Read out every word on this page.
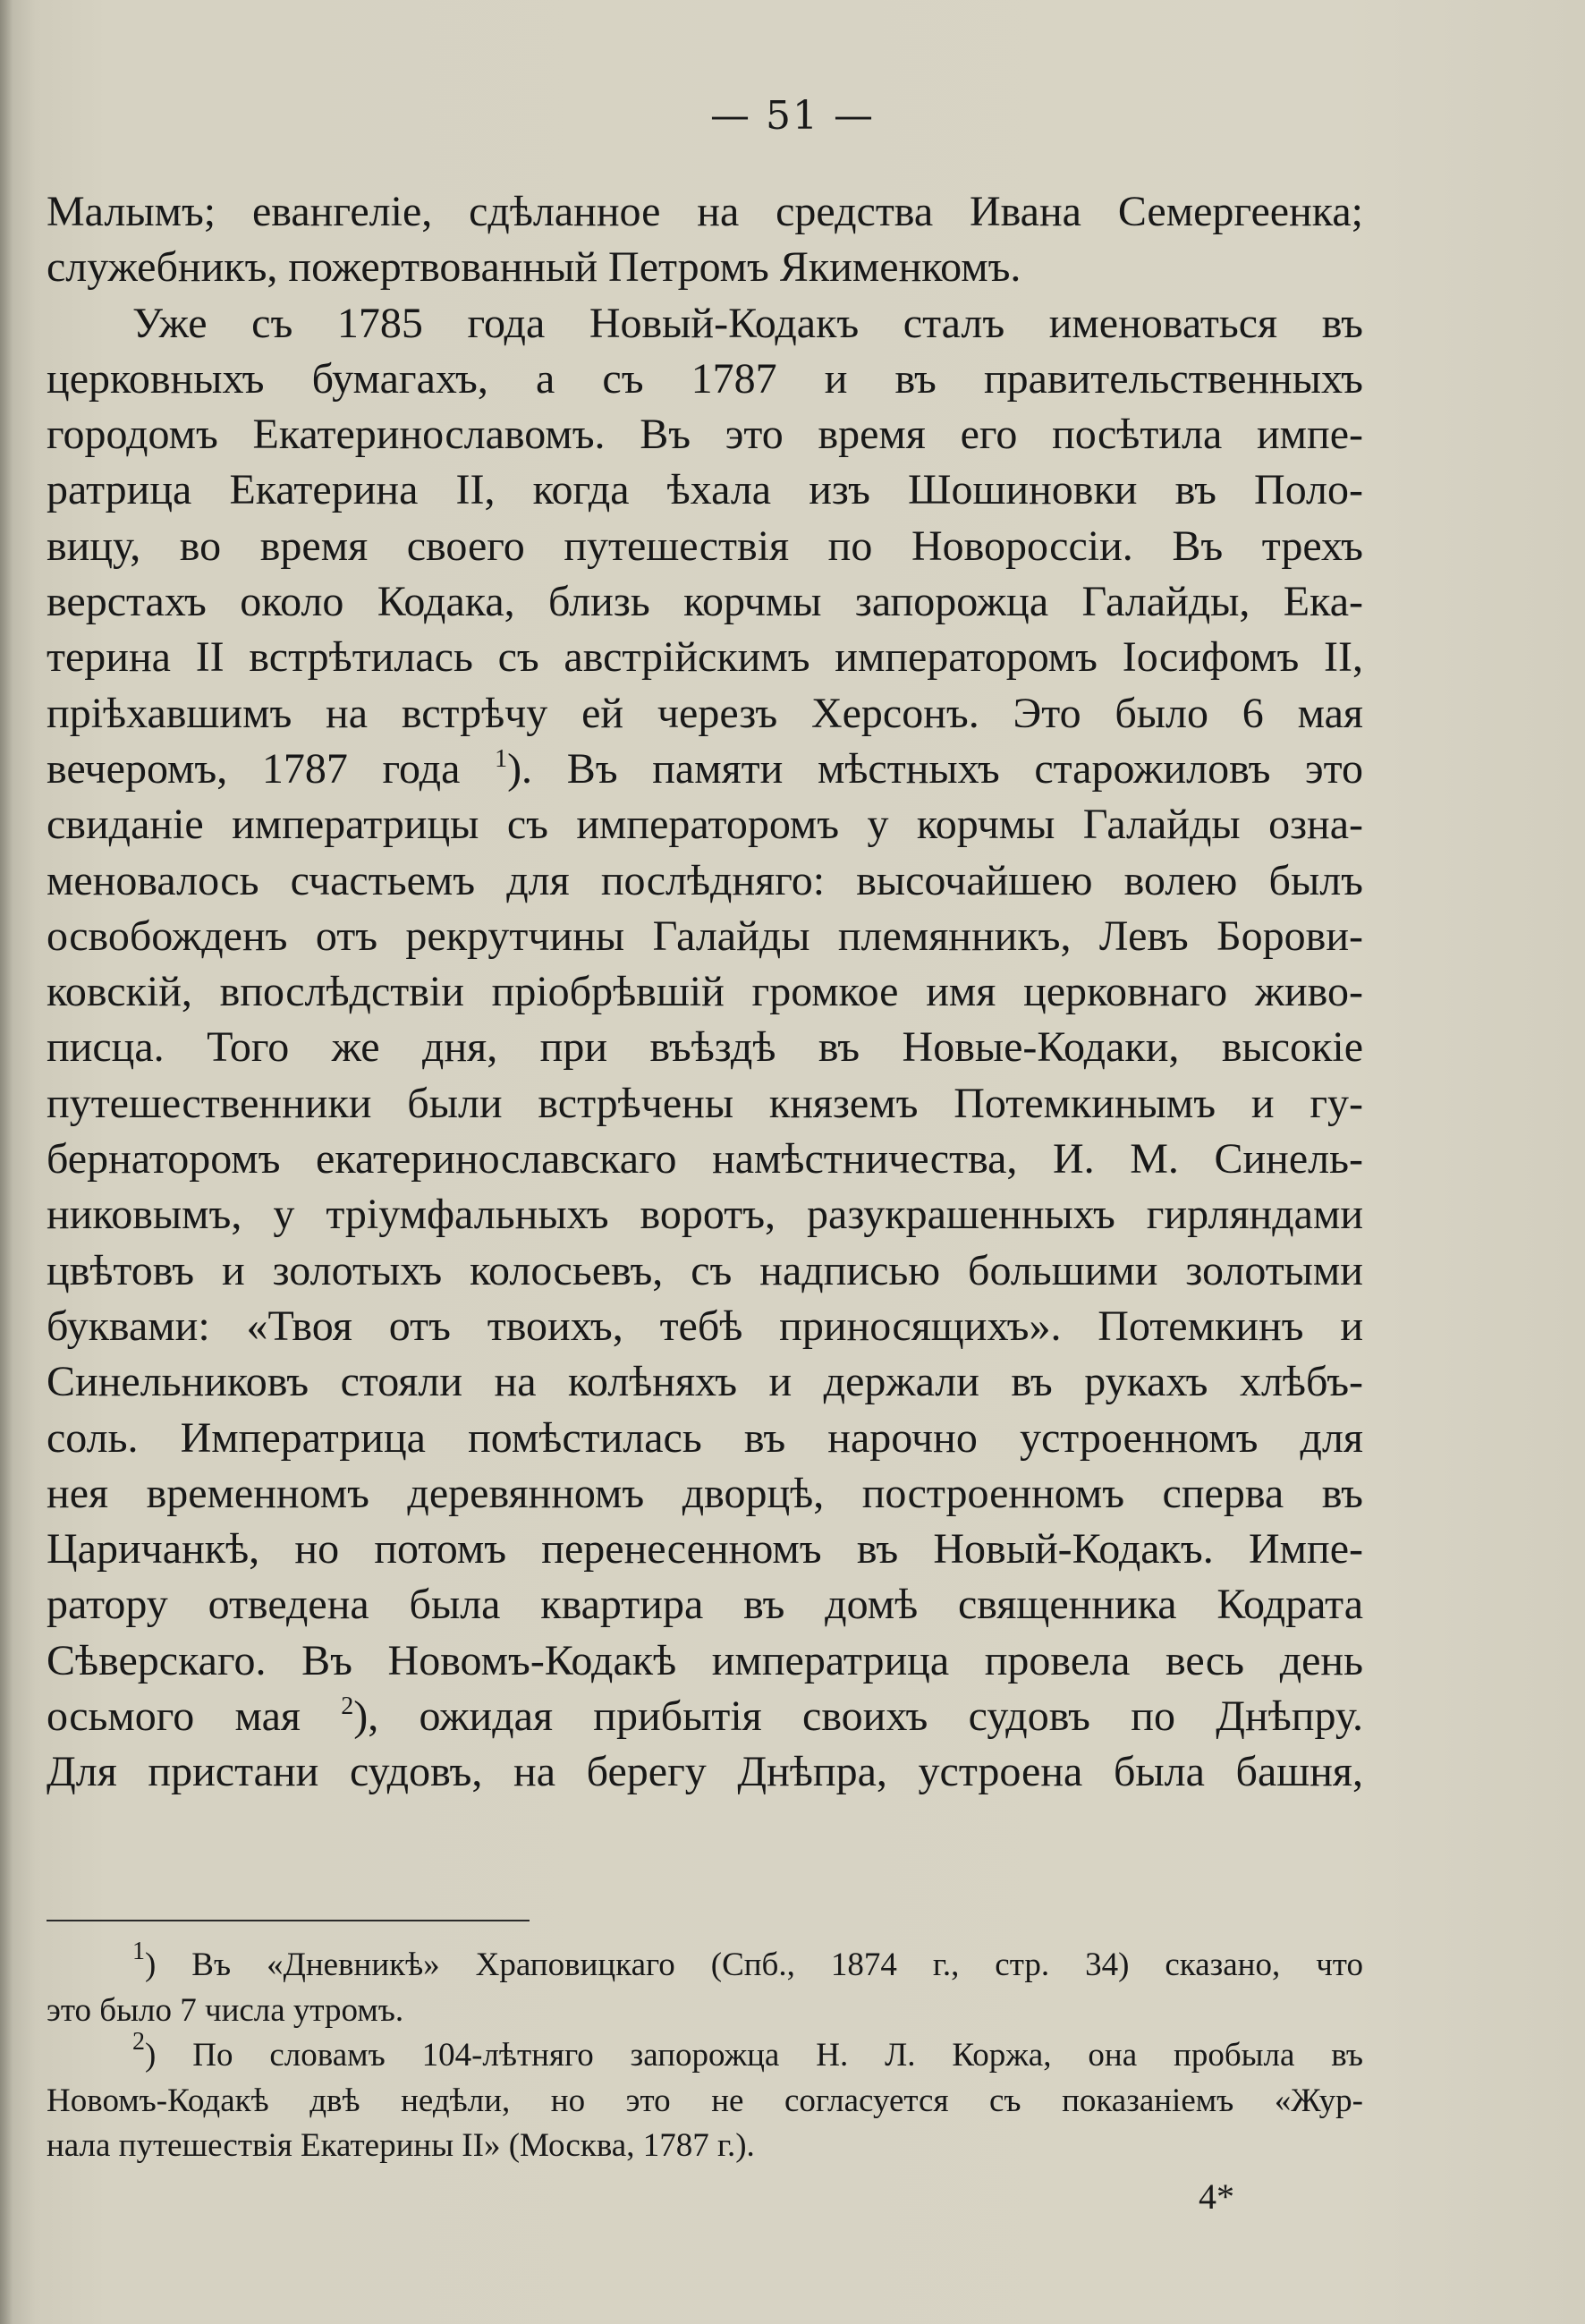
— 51 —
Малымъ; евангеліе, сдѣланное на средства Ивана Семергеенка;
служебникъ, пожертвованный Петромъ Якименкомъ.
Уже съ 1785 года Новый-Кодакъ сталъ именоваться въ
церковныхъ бумагахъ, а съ 1787 и въ правительственныхъ
городомъ Екатеринославомъ. Въ это время его посѣтила импе-
ратрица Екатерина II, когда ѣхала изъ Шошиновки въ Поло-
вицу, во время своего путешествія по Новороссіи. Въ трехъ
верстахъ около Кодака, близь корчмы запорожца Галайды, Ека-
терина II встрѣтилась съ австрійскимъ императоромъ Іосифомъ II,
пріѣхавшимъ на встрѣчу ей черезъ Херсонъ. Это было 6 мая
вечеромъ, 1787 года $^1$). Въ памяти мѣстныхъ старожиловъ это
свиданіе императрицы съ императоромъ у корчмы Галайды озна-
меновалось счастьемъ для послѣдняго: высочайшею волею былъ
освобожденъ отъ рекрутчины Галайды племянникъ, Левъ Борови-
ковскій, впослѣдствіи пріобрѣвшій громкое имя церковнаго живо-
писца. Того же дня, при въѣздѣ въ Новые-Кодаки, высокіе
путешественники были встрѣчены княземъ Потемкинымъ и гу-
бернаторомъ екатеринославскаго намѣстничества, И. М. Синель-
никовымъ, у тріумфальныхъ воротъ, разукрашенныхъ гирляндами
цвѣтовъ и золотыхъ колосьевъ, съ надписью большими золотыми
буквами: «Твоя отъ твоихъ, тебѣ приносящихъ». Потемкинъ и
Синельниковъ стояли на колѣняхъ и держали въ рукахъ хлѣбъ-
соль. Императрица помѣстилась въ нарочно устроенномъ для
нея временномъ деревянномъ дворцѣ, построенномъ сперва въ
Царичанкѣ, но потомъ перенесенномъ въ Новый-Кодакъ. Импе-
ратору отведена была квартира въ домѣ священника Кодрата
Сѣверскаго. Въ Новомъ-Кодакѣ императрица провела весь день
осьмого мая $^2$), ожидая прибытія своихъ судовъ по Днѣпру.
Для пристани судовъ, на берегу Днѣпра, устроена была башня,
$^1$) Въ «Дневникѣ» Храповицкаго (Спб., 1874 г., стр. 34) сказано, что
это было 7 числа утромъ.
$^2$) По словамъ 104-лѣтняго запорожца Н. Л. Коржа, она пробыла въ
Новомъ-Кодакѣ двѣ недѣли, но это не согласуется съ показаніемъ «Жур-
нала путешествія Екатерины II» (Москва, 1787 г.).
4*
